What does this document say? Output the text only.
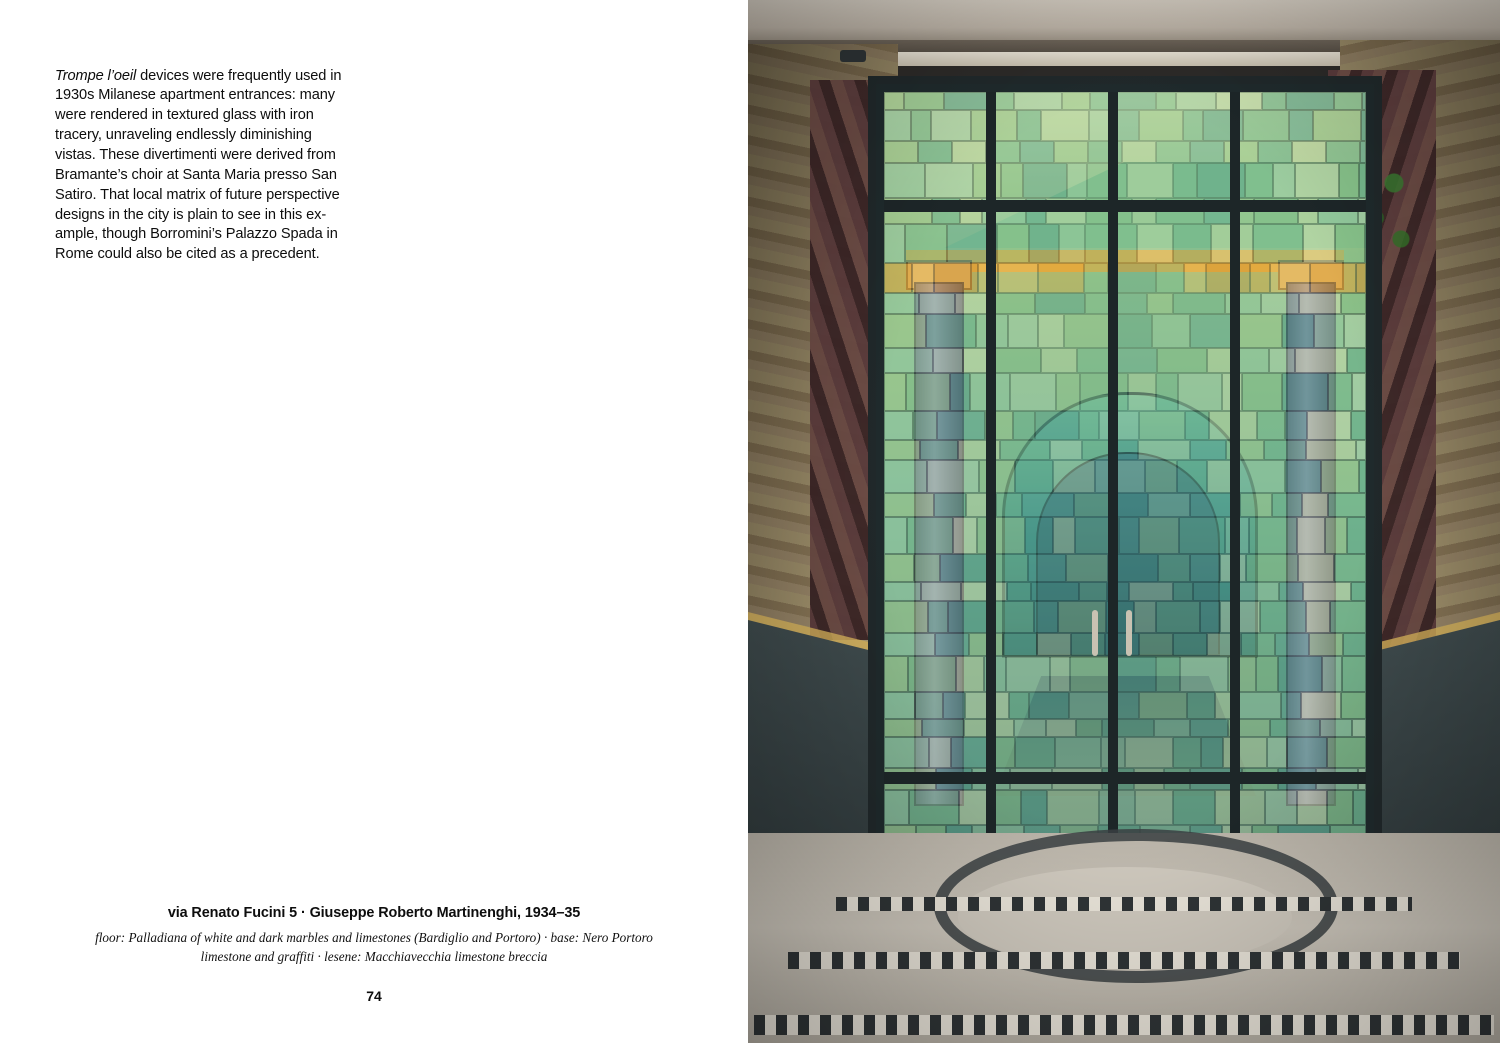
Trompe l’oeil devices were frequently used in 1930s Milanese apartment entrances: many were rendered in textured glass with iron tracery, unraveling endlessly diminishing vistas. These divertimenti were derived from Bramante’s choir at Santa Maria presso San Satiro. That local matrix of future perspective designs in the city is plain to see in this ex-ample, though Borromini’s Palazzo Spada in Rome could also be cited as a precedent.

via Renato Fucini 5 · Giuseppe Roberto Martinenghi, 1934–35
floor: Palladiana of white and dark marbles and limestones (Bardiglio and Portoro) · base: Nero Portoro limestone and graffiti · lesene: Macchiavecchia limestone breccia
74
